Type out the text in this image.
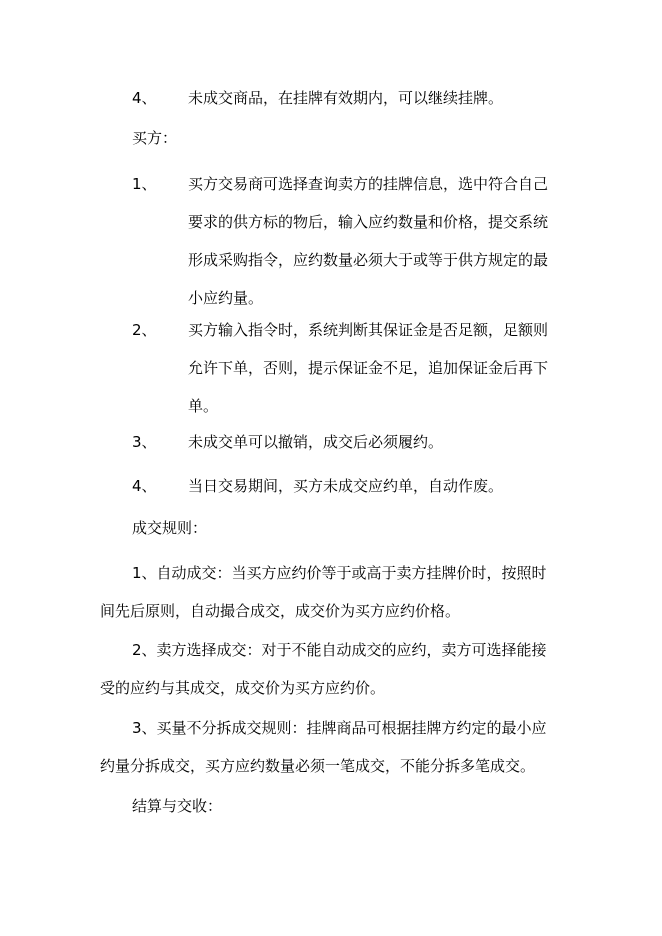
4、 未成交商品，在挂牌有效期内，可以继续挂牌。
买方：
1、 买方交易商可选择查询卖方的挂牌信息，选中符合自己
要求的供方标的物后，输入应约数量和价格，提交系统
形成采购指令，应约数量必须大于或等于供方规定的最
小应约量。
2、 买方输入指令时，系统判断其保证金是否足额，足额则
允许下单，否则，提示保证金不足，追加保证金后再下
单。
3、 未成交单可以撤销，成交后必须履约。
4、 当日交易期间，买方未成交应约单，自动作废。
成交规则：
1、自动成交：当买方应约价等于或高于卖方挂牌价时，按照时
间先后原则，自动撮合成交，成交价为买方应约价格。
2、卖方选择成交：对于不能自动成交的应约，卖方可选择能接
受的应约与其成交，成交价为买方应约价。
3、买量不分拆成交规则：挂牌商品可根据挂牌方约定的最小应
约量分拆成交，买方应约数量必须一笔成交，不能分拆多笔成交。
结算与交收：
